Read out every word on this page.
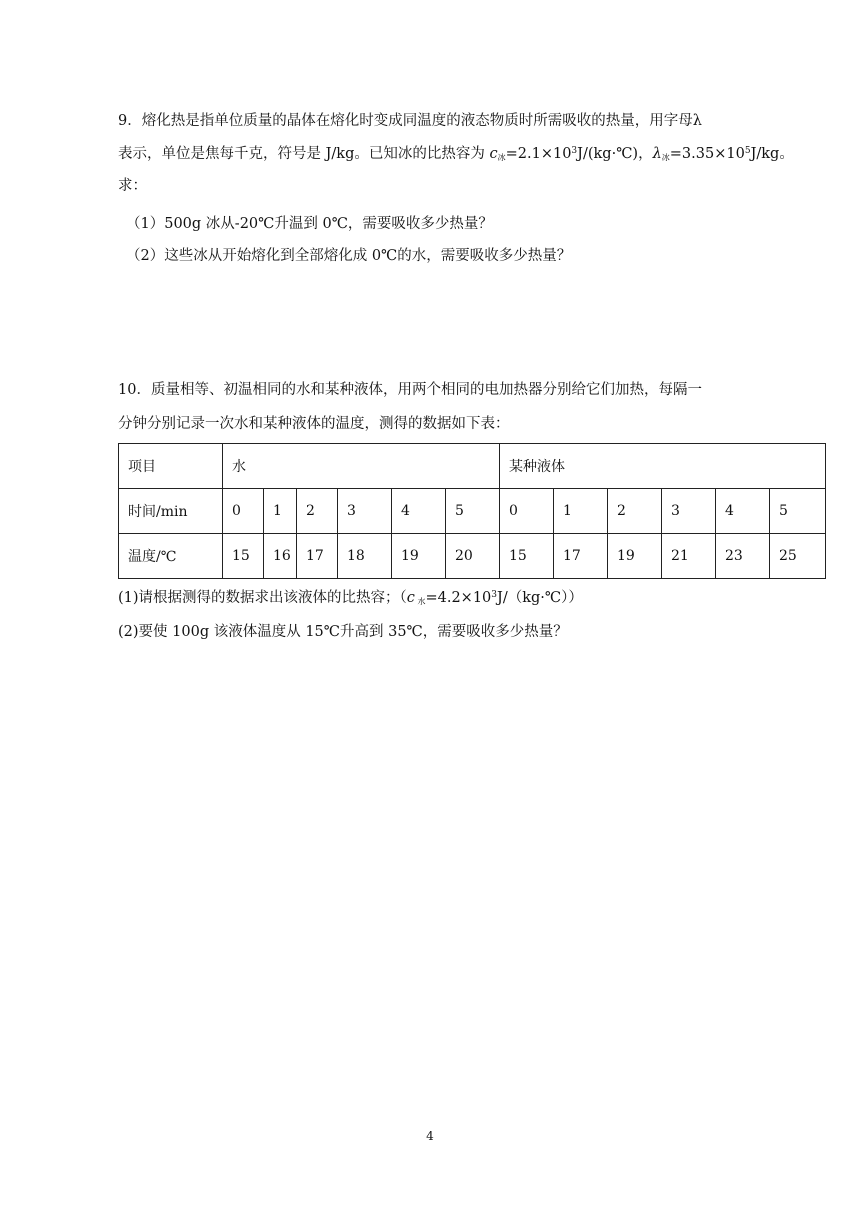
9．熔化热是指单位质量的晶体在熔化时变成同温度的液态物质时所需吸收的热量，用字母λ
表示，单位是焦每千克，符号是 J/kg。已知冰的比热容为 $c_冰=2.1\times 10^3J/(kg\cdot℃)$，$\lambda_冰=3.35\times 10^5J/kg$。
求：
（1）500g 冰从-20℃升温到 0℃，需要吸收多少热量？
（2）这些冰从开始熔化到全部熔化成 0℃的水，需要吸收多少热量？
10．质量相等、初温相同的水和某种液体，用两个相同的电加热器分别给它们加热，每隔一
分钟分别记录一次水和某种液体的温度，测得的数据如下表：
项目	水						某种液体					
时间/min	0	1	2	3	4	5	0	1	2	3	4	5
温度/℃	15	16	17	18	19	20	15	17	19	21	23	25
(1)请根据测得的数据求出该液体的比热容；（c $_水=4.2\times 10^3J/(kg\cdot℃)$）
(2)要使 100g 该液体温度从 15℃升高到 35℃，需要吸收多少热量？
4
